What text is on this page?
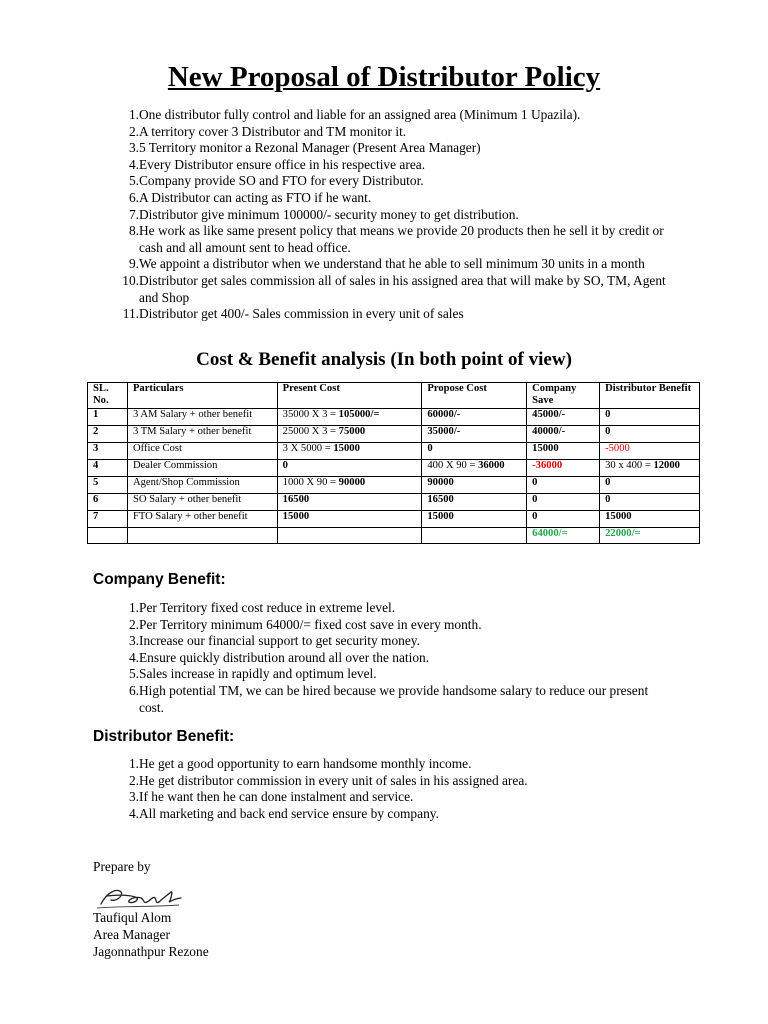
New Proposal of Distributor Policy
1. One distributor fully control and liable for an assigned area (Minimum 1 Upazila).
2. A territory cover 3 Distributor and TM monitor it.
3. 5 Territory monitor a Rezonal Manager (Present Area Manager)
4. Every Distributor ensure office in his respective area.
5. Company provide SO and FTO for every Distributor.
6. A Distributor can acting as FTO if he want.
7. Distributor give minimum 100000/- security money to get distribution.
8. He work as like same present policy that means we provide 20 products then he sell it by credit or cash and all amount sent to head office.
9. We appoint a distributor when we understand that he able to sell minimum 30 units in a month
10. Distributor get sales commission all of sales in his assigned area that will make by SO, TM, Agent and Shop
11. Distributor get 400/- Sales commission in every unit of sales
Cost & Benefit analysis (In both point of view)
SL. No.	Particulars	Present Cost	Propose Cost	Company Save	Distributor Benefit
1	3 AM Salary + other benefit	35000 X 3 = 105000/=	60000/-	45000/-	0
2	3 TM Salary + other benefit	25000 X 3 = 75000	35000/-	40000/-	0
3	Office Cost	3 X 5000 = 15000	0	15000	-5000
4	Dealer Commission	0	400 X 90 = 36000	-36000	30 x 400 = 12000
5	Agent/Shop Commission	1000 X 90 = 90000	90000	0	0
6	SO Salary + other benefit	16500	16500	0	0
7	FTO Salary + other benefit	15000	15000	0	15000
				64000/=	22000/=
Company Benefit:
1. Per Territory fixed cost reduce in extreme level.
2. Per Territory minimum 64000/= fixed cost save in every month.
3. Increase our financial support to get security money.
4. Ensure quickly distribution around all over the nation.
5. Sales increase in rapidly and optimum level.
6. High potential TM, we can be hired because we provide handsome salary to reduce our present cost.
Distributor Benefit:
1. He get a good opportunity to earn handsome monthly income.
2. He get distributor commission in every unit of sales in his assigned area.
3. If he want then he can done instalment and service.
4. All marketing and back end service ensure by company.

Prepare by

Taufiqul Alom

Area Manager

Jagonnathpur Rezone
